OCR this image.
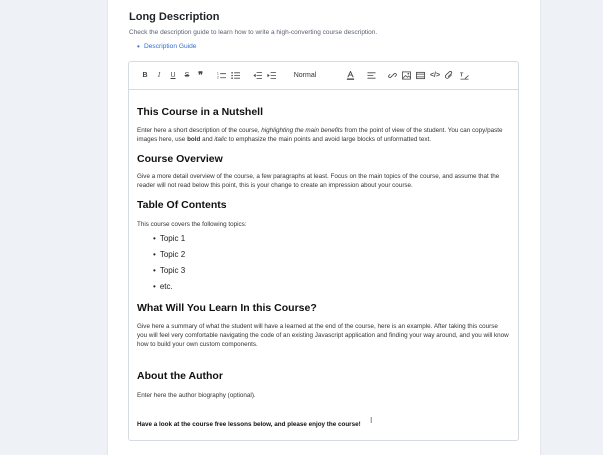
Long Description
Check the description guide to learn how to write a high-converting course description.
• Description Guide
B	I	U S ❞	1
2	Normal	</>	T
This Course in a Nutshell

Enter here a short description of the course, highlighting the main benefits from the point of view of the student. You can copy/paste images here, use bold and italic to emphasize the main points and avoid large blocks of unformatted text.

Course Overview

Give a more detail overview of the course, a few paragraphs at least. Focus on the main topics of the course, and assume that the reader will not read below this point, this is your change to create an impression about your course.

Table Of Contents

This course covers the following topics:

• Topic 1
• Topic 2
• Topic 3
• etc.
What Will You Learn In this Course?

Give here a summary of what the student will have a learned at the end of the course, here is an example. After taking this course you will feel very comfortable navigating the code of an existing Javascript application and finding your way around, and you will know how to build your own custom components.

About the Author

Enter here the author biography (optional).

Have a look at the course free lessons below, and please enjoy the course!	Ⅰ
